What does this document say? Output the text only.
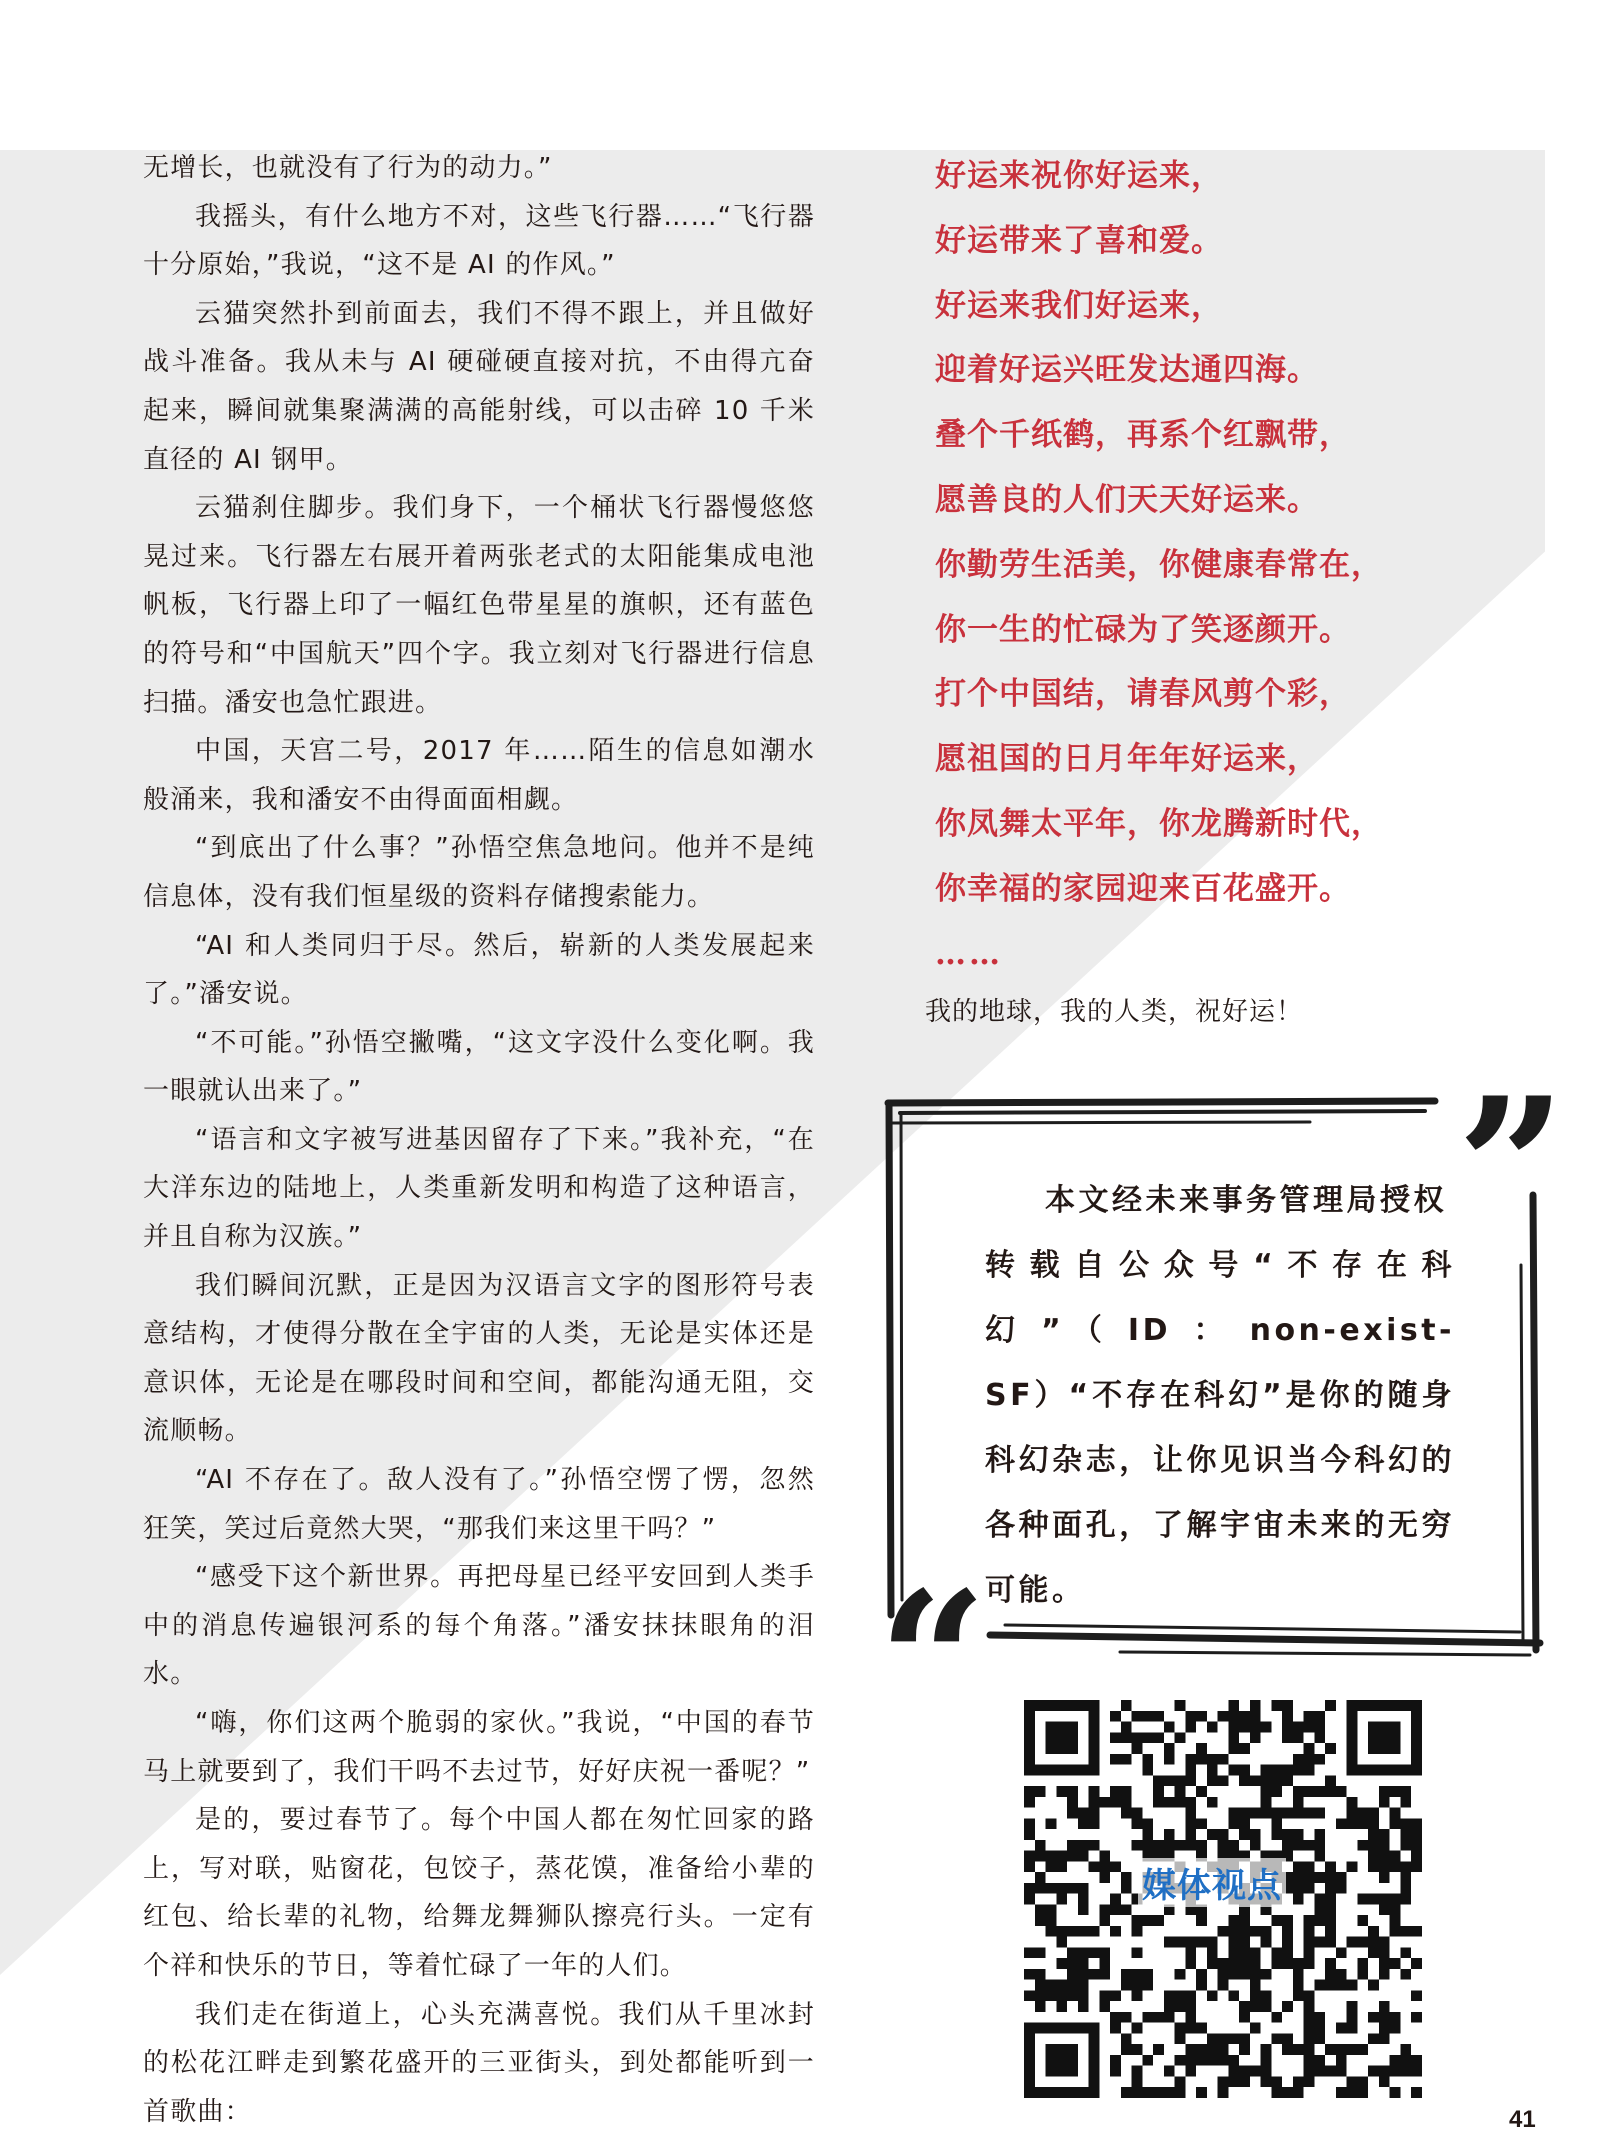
无增长，也就没有了行为的动力。”

我摇头，有什么地方不对，这些飞行器……“飞行器十分原始，”我说，“这不是 AI 的作风。”

云猫突然扑到前面去，我们不得不跟上，并且做好战斗准备。我从未与 AI 硬碰硬直接对抗，不由得亢奋起来，瞬间就集聚满满的高能射线，可以击碎 10 千米直径的 AI 钢甲。

云猫刹住脚步。我们身下，一个桶状飞行器慢悠悠晃过来。飞行器左右展开着两张老式的太阳能集成电池帆板，飞行器上印了一幅红色带星星的旗帜，还有蓝色的符号和“中国航天”四个字。我立刻对飞行器进行信息扫描。潘安也急忙跟进。

中国，天宫二号，2017 年……陌生的信息如潮水般涌来，我和潘安不由得面面相觑。

“到底出了什么事？”孙悟空焦急地问。他并不是纯信息体，没有我们恒星级的资料存储搜索能力。

“AI 和人类同归于尽。然后，崭新的人类发展起来了。”潘安说。

“不可能。”孙悟空撇嘴，“这文字没什么变化啊。我一眼就认出来了。”

“语言和文字被写进基因留存了下来。”我补充，“在大洋东边的陆地上，人类重新发明和构造了这种语言，并且自称为汉族。”

我们瞬间沉默，正是因为汉语言文字的图形符号表意结构，才使得分散在全宇宙的人类，无论是实体还是意识体，无论是在哪段时间和空间，都能沟通无阻，交流顺畅。

“AI 不存在了。敌人没有了。”孙悟空愣了愣，忽然狂笑，笑过后竟然大哭，“那我们来这里干吗？”

“感受下这个新世界。再把母星已经平安回到人类手中的消息传遍银河系的每个角落。”潘安抹抹眼角的泪水。

“嗨，你们这两个脆弱的家伙。”我说，“中国的春节马上就要到了，我们干吗不去过节，好好庆祝一番呢？”

是的，要过春节了。每个中国人都在匆忙回家的路上，写对联，贴窗花，包饺子，蒸花馍，准备给小辈的红包、给长辈的礼物，给舞龙舞狮队擦亮行头。一定有个祥和快乐的节日，等着忙碌了一年的人们。

我们走在街道上，心头充满喜悦。我们从千里冰封的松花江畔走到繁花盛开的三亚街头，到处都能听到一首歌曲：

好运来祝你好运来，
好运带来了喜和爱。
好运来我们好运来，
迎着好运兴旺发达通四海。
叠个千纸鹤，再系个红飘带，
愿善良的人们天天好运来。
你勤劳生活美，你健康春常在，
你一生的忙碌为了笑逐颜开。
打个中国结，请春风剪个彩，
愿祖国的日月年年好运来，
你凤舞太平年，你龙腾新时代，
你幸福的家园迎来百花盛开。
……
我的地球，我的人类，祝好运！
”
“
本文经未来事务管理局授权
转载自公众号“不存在科幻”（ID：non-exist-SF）“不存在科幻”是你的随身科幻杂志，让你见识当今科幻的各种面孔，了解宇宙未来的无穷可能。
媒体视点
41
